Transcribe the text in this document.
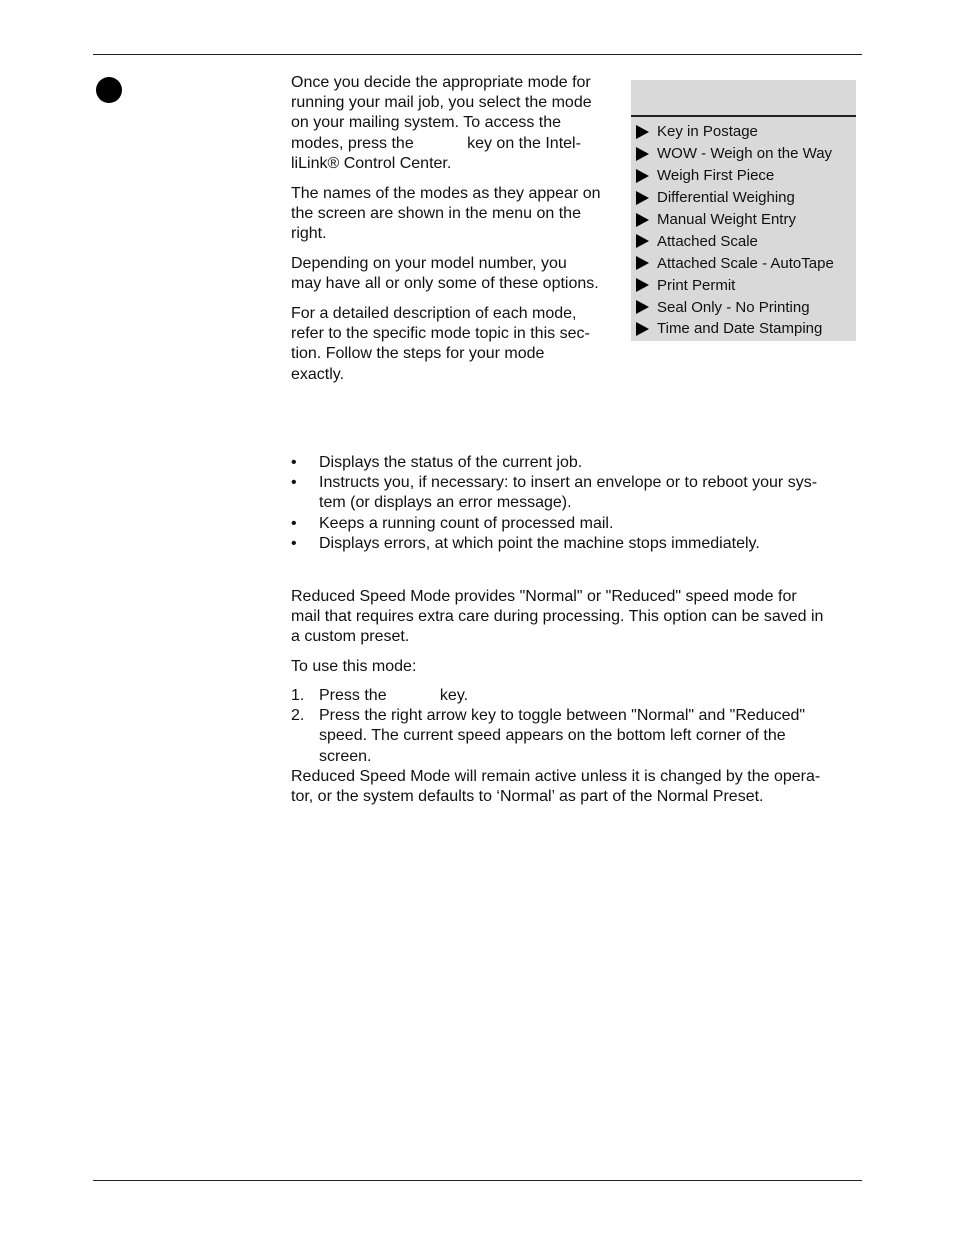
Once you decide the appropriate mode for
running your mail job, you select the mode
on your mailing system. To access the
modes, press the            key on the Intel-
liLink® Control Center.

The names of the modes as they appear on
the screen are shown in the menu on the
right.

Depending on your model number, you
may have all or only some of these options.

For a detailed description of each mode,
refer to the specific mode topic in this sec-
tion. Follow the steps for your mode
exactly.

Key in Postage
WOW - Weigh on the Way
Weigh First Piece
Differential Weighing
Manual Weight Entry
Attached Scale
Attached Scale - AutoTape
Print Permit
Seal Only - No Printing
Time and Date Stamping
•	Displays the status of the current job.
•	Instructs you, if necessary: to insert an envelope or to reboot your sys-
tem (or displays an error message).
•	Keeps a running count of processed mail.
•	Displays errors, at which point the machine stops immediately.

Reduced Speed Mode provides "Normal" or "Reduced" speed mode for
mail that requires extra care during processing. This option can be saved in
a custom preset.

To use this mode:

1. Press the            key.
2. Press the right arrow key to toggle between "Normal" and "Reduced"
speed. The current speed appears on the bottom left corner of the
screen.

Reduced Speed Mode will remain active unless it is changed by the opera-
tor, or the system defaults to ‘Normal’ as part of the Normal Preset.
